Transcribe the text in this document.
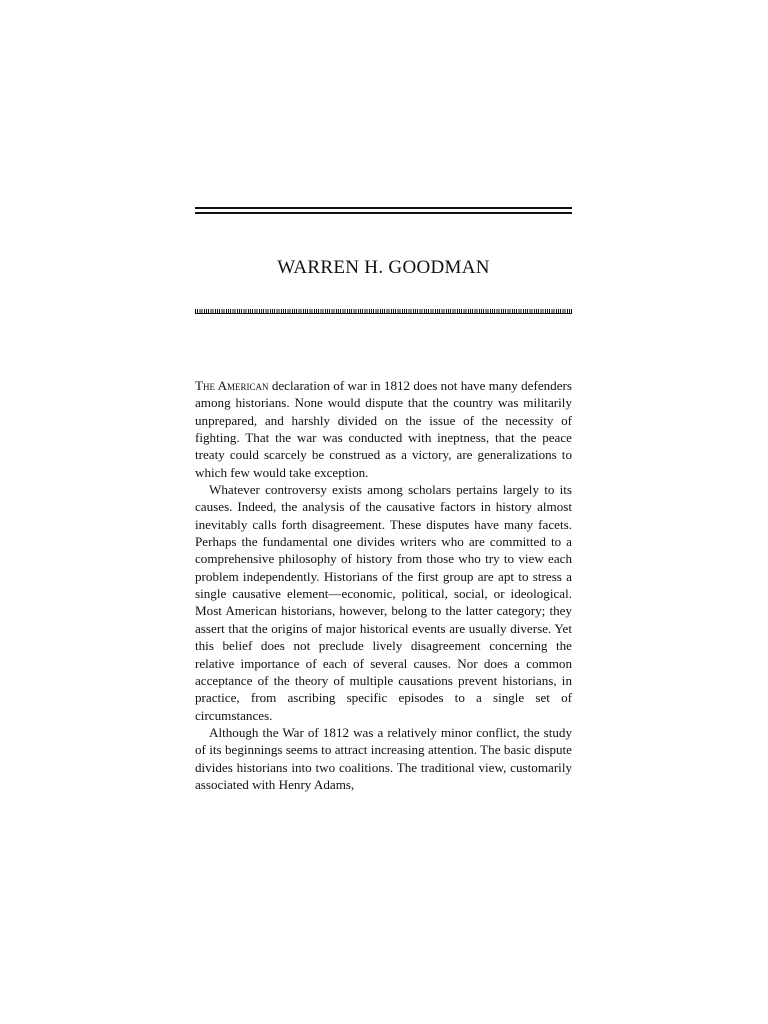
WARREN H. GOODMAN

The American declaration of war in 1812 does not have many defenders among historians. None would dispute that the country was militarily unprepared, and harshly divided on the issue of the necessity of fighting. That the war was conducted with ineptness, that the peace treaty could scarcely be construed as a victory, are generalizations to which few would take exception.

Whatever controversy exists among scholars pertains largely to its causes. Indeed, the analysis of the causative factors in history almost inevitably calls forth disagreement. These disputes have many facets. Perhaps the fundamental one divides writers who are committed to a comprehensive philosophy of history from those who try to view each problem independently. Historians of the first group are apt to stress a single causative element—economic, political, social, or ideological. Most American historians, however, belong to the latter category; they assert that the origins of major historical events are usually diverse. Yet this belief does not preclude lively disagreement concerning the relative importance of each of several causes. Nor does a common acceptance of the theory of multiple causations prevent historians, in practice, from ascribing specific episodes to a single set of circumstances.

Although the War of 1812 was a relatively minor conflict, the study of its beginnings seems to attract increasing attention. The basic dispute divides historians into two coalitions. The traditional view, customarily associated with Henry Adams,
